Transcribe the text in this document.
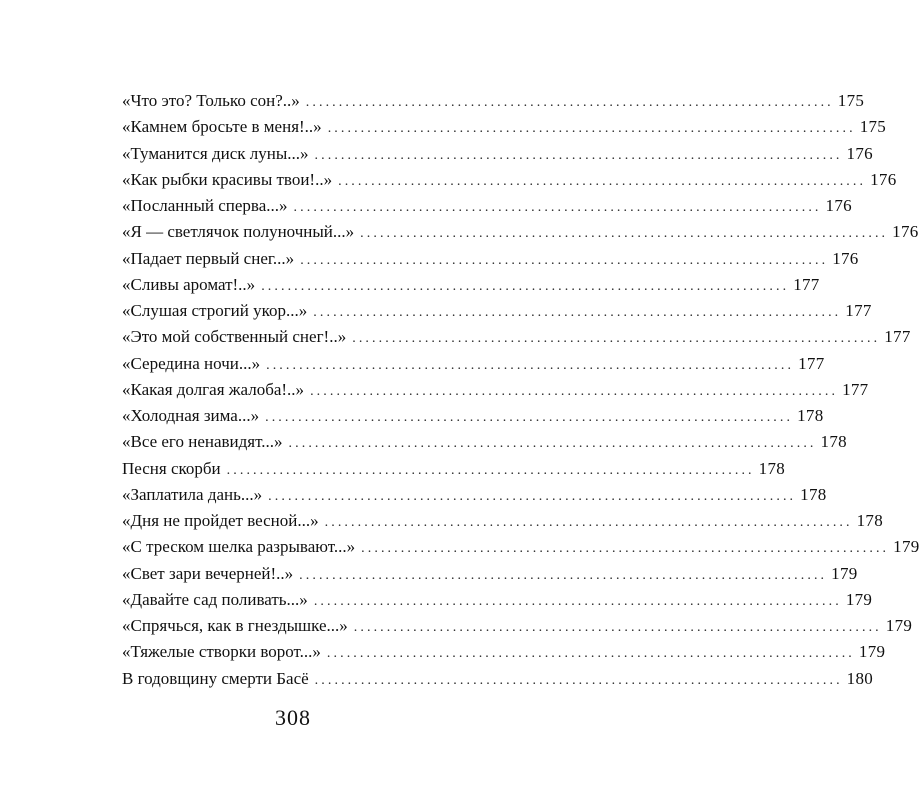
«Что это? Только сон?..» ................................................................................ 175
«Камнем бросьте в меня!..» ................................................................................ 175
«Туманится диск луны...» ................................................................................ 176
«Как рыбки красивы твои!..» ................................................................................ 176
«Посланный сперва...» ................................................................................ 176
«Я — светлячок полуночный...» ................................................................................ 176
«Падает первый снег...» ................................................................................ 176
«Сливы аромат!..» ................................................................................ 177
«Слушая строгий укор...» ................................................................................ 177
«Это мой собственный снег!..» ................................................................................ 177
«Середина ночи...» ................................................................................ 177
«Какая долгая жалоба!..» ................................................................................ 177
«Холодная зима...» ................................................................................ 178
«Все его ненавидят...» ................................................................................ 178
Песня скорби ................................................................................ 178
«Заплатила дань...» ................................................................................ 178
«Дня не пройдет весной...» ................................................................................ 178
«С треском шелка разрывают...» ................................................................................ 179
«Свет зари вечерней!..» ................................................................................ 179
«Давайте сад поливать...» ................................................................................ 179
«Спрячься, как в гнездышке...» ................................................................................ 179
«Тяжелые створки ворот...» ................................................................................ 179
В годовщину смерти Басё ................................................................................ 180
308
